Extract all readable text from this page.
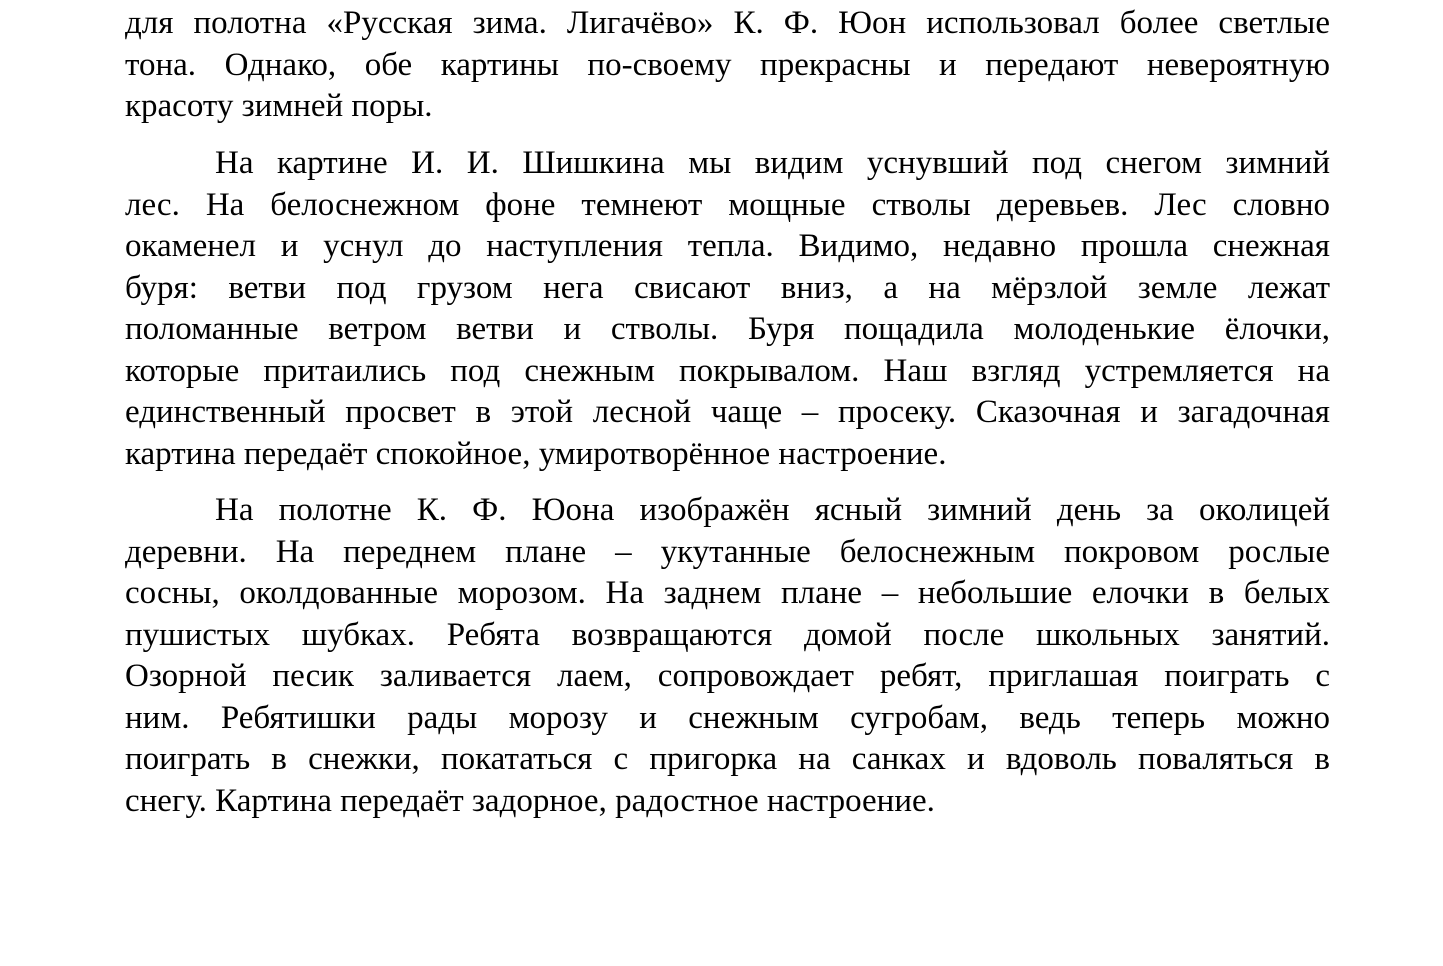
для полотна «Русская зима. Лигачёво» К. Ф. Юон использовал более светлые
тона. Однако, обе картины по-своему прекрасны и передают невероятную
красоту зимней поры.
На картине И. И. Шишкина мы видим уснувший под снегом зимний
лес. На белоснежном фоне темнеют мощные стволы деревьев. Лес словно
окаменел и уснул до наступления тепла. Видимо, недавно прошла снежная
буря: ветви под грузом нега свисают вниз, а на мёрзлой земле лежат
поломанные ветром ветви и стволы. Буря пощадила молоденькие ёлочки,
которые притаились под снежным покрывалом. Наш взгляд устремляется на
единственный просвет в этой лесной чаще – просеку. Сказочная и загадочная
картина передаёт спокойное, умиротворённое настроение.
На полотне К. Ф. Юона изображён ясный зимний день за околицей
деревни. На переднем плане – укутанные белоснежным покровом рослые
сосны, околдованные морозом. На заднем плане – небольшие елочки в белых
пушистых шубках. Ребята возвращаются домой после школьных занятий.
Озорной песик заливается лаем, сопровождает ребят, приглашая поиграть с
ним. Ребятишки рады морозу и снежным сугробам, ведь теперь можно
поиграть в снежки, покататься с пригорка на санках и вдоволь поваляться в
снегу. Картина передаёт задорное, радостное настроение.
